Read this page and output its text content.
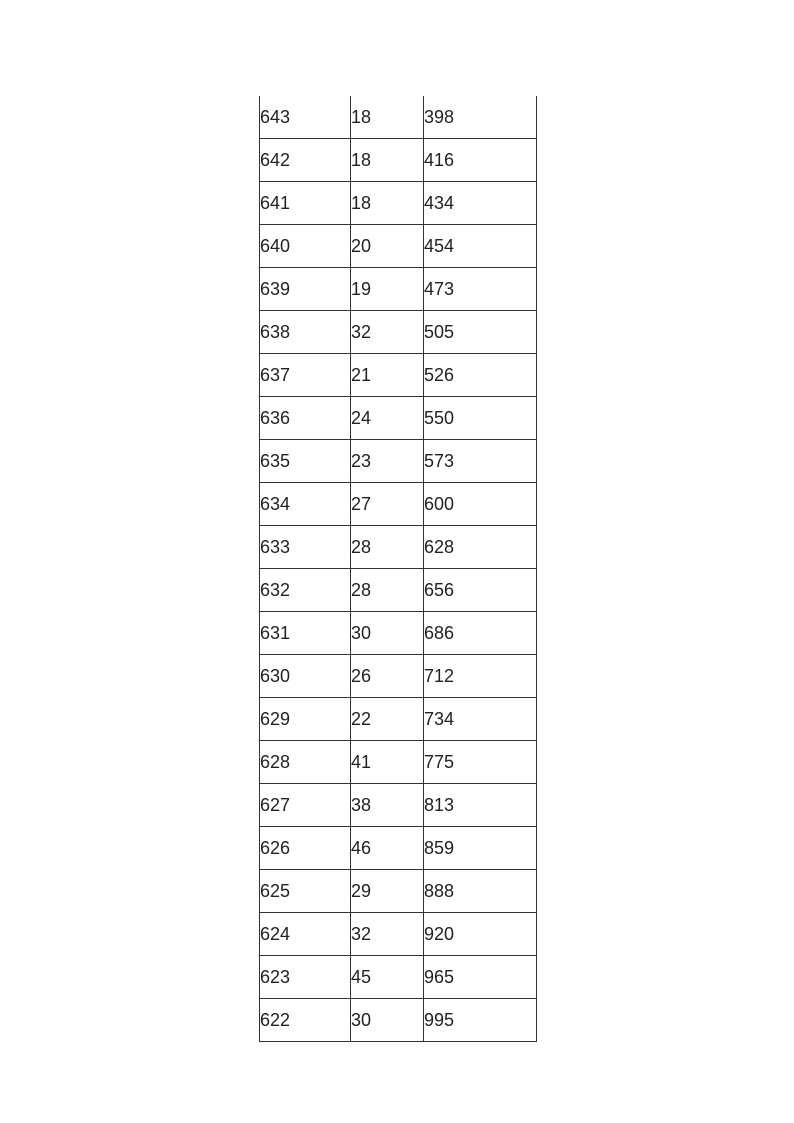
643	18	398
642	18	416
641	18	434
640	20	454
639	19	473
638	32	505
637	21	526
636	24	550
635	23	573
634	27	600
633	28	628
632	28	656
631	30	686
630	26	712
629	22	734
628	41	775
627	38	813
626	46	859
625	29	888
624	32	920
623	45	965
622	30	995
